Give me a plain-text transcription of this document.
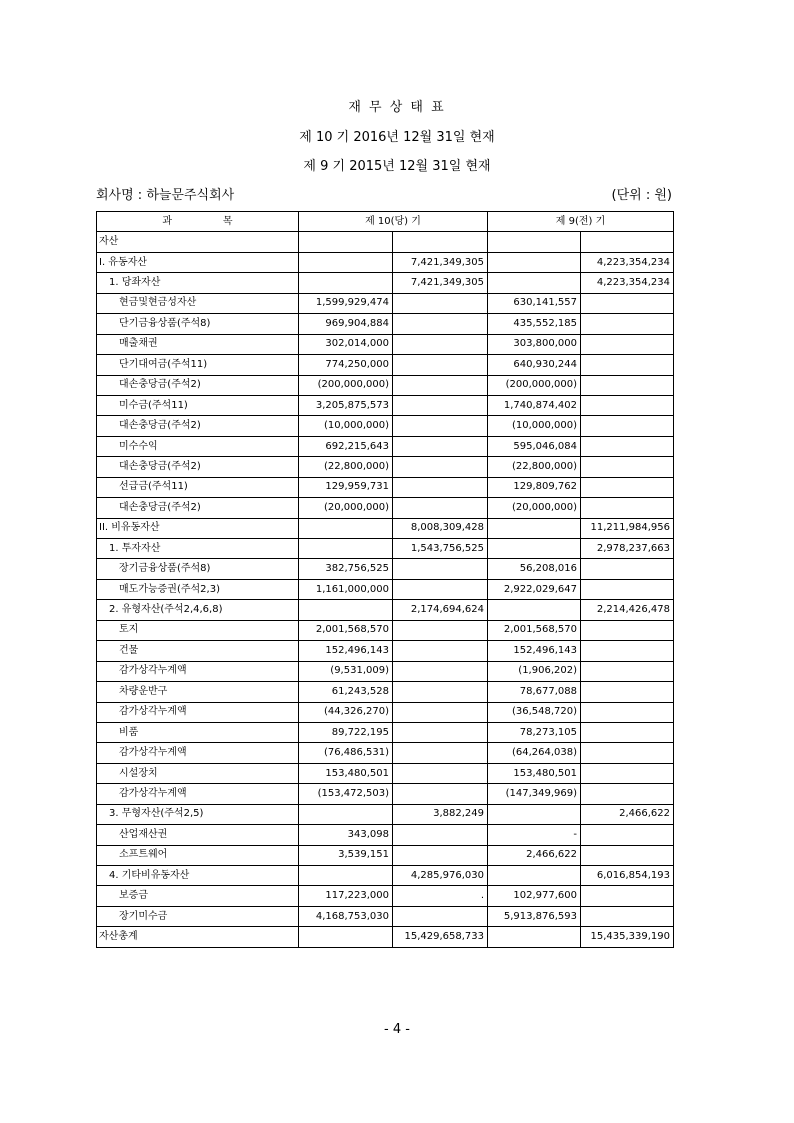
재 무 상 태 표
제 10 기 2016년 12월 31일 현재
제 9 기 2015년 12월 31일 현재
회사명 : 하늘문주식회사	(단위 : 원)
과                목	제 10(당) 기		제 9(전) 기	
자산				
I. 유동자산		7,421,349,305		4,223,354,234
1. 당좌자산		7,421,349,305		4,223,354,234
현금및현금성자산	1,599,929,474		630,141,557	
단기금융상품(주석8)	969,904,884		435,552,185	
매출채권	302,014,000		303,800,000	
단기대여금(주석11)	774,250,000		640,930,244	
대손충당금(주석2)	(200,000,000)		(200,000,000)	
미수금(주석11)	3,205,875,573		1,740,874,402	
대손충당금(주석2)	(10,000,000)		(10,000,000)	
미수수익	692,215,643		595,046,084	
대손충당금(주석2)	(22,800,000)		(22,800,000)	
선급금(주석11)	129,959,731		129,809,762	
대손충당금(주석2)	(20,000,000)		(20,000,000)	
II. 비유동자산		8,008,309,428		11,211,984,956
1. 투자자산		1,543,756,525		2,978,237,663
장기금융상품(주석8)	382,756,525		56,208,016	
매도가능증권(주석2,3)	1,161,000,000		2,922,029,647	
2. 유형자산(주석2,4,6,8)		2,174,694,624		2,214,426,478
토지	2,001,568,570		2,001,568,570	
건물	152,496,143		152,496,143	
감가상각누계액	(9,531,009)		(1,906,202)	
차량운반구	61,243,528		78,677,088	
감가상각누계액	(44,326,270)		(36,548,720)	
비품	89,722,195		78,273,105	
감가상각누계액	(76,486,531)		(64,264,038)	
시설장치	153,480,501		153,480,501	
감가상각누계액	(153,472,503)		(147,349,969)	
3. 무형자산(주석2,5)		3,882,249		2,466,622
산업재산권	343,098		-	
소프트웨어	3,539,151		2,466,622	
4. 기타비유동자산		4,285,976,030		6,016,854,193
보증금	117,223,000	.	102,977,600	
장기미수금	4,168,753,030		5,913,876,593	
자산총계		15,429,658,733		15,435,339,190
- 4 -
